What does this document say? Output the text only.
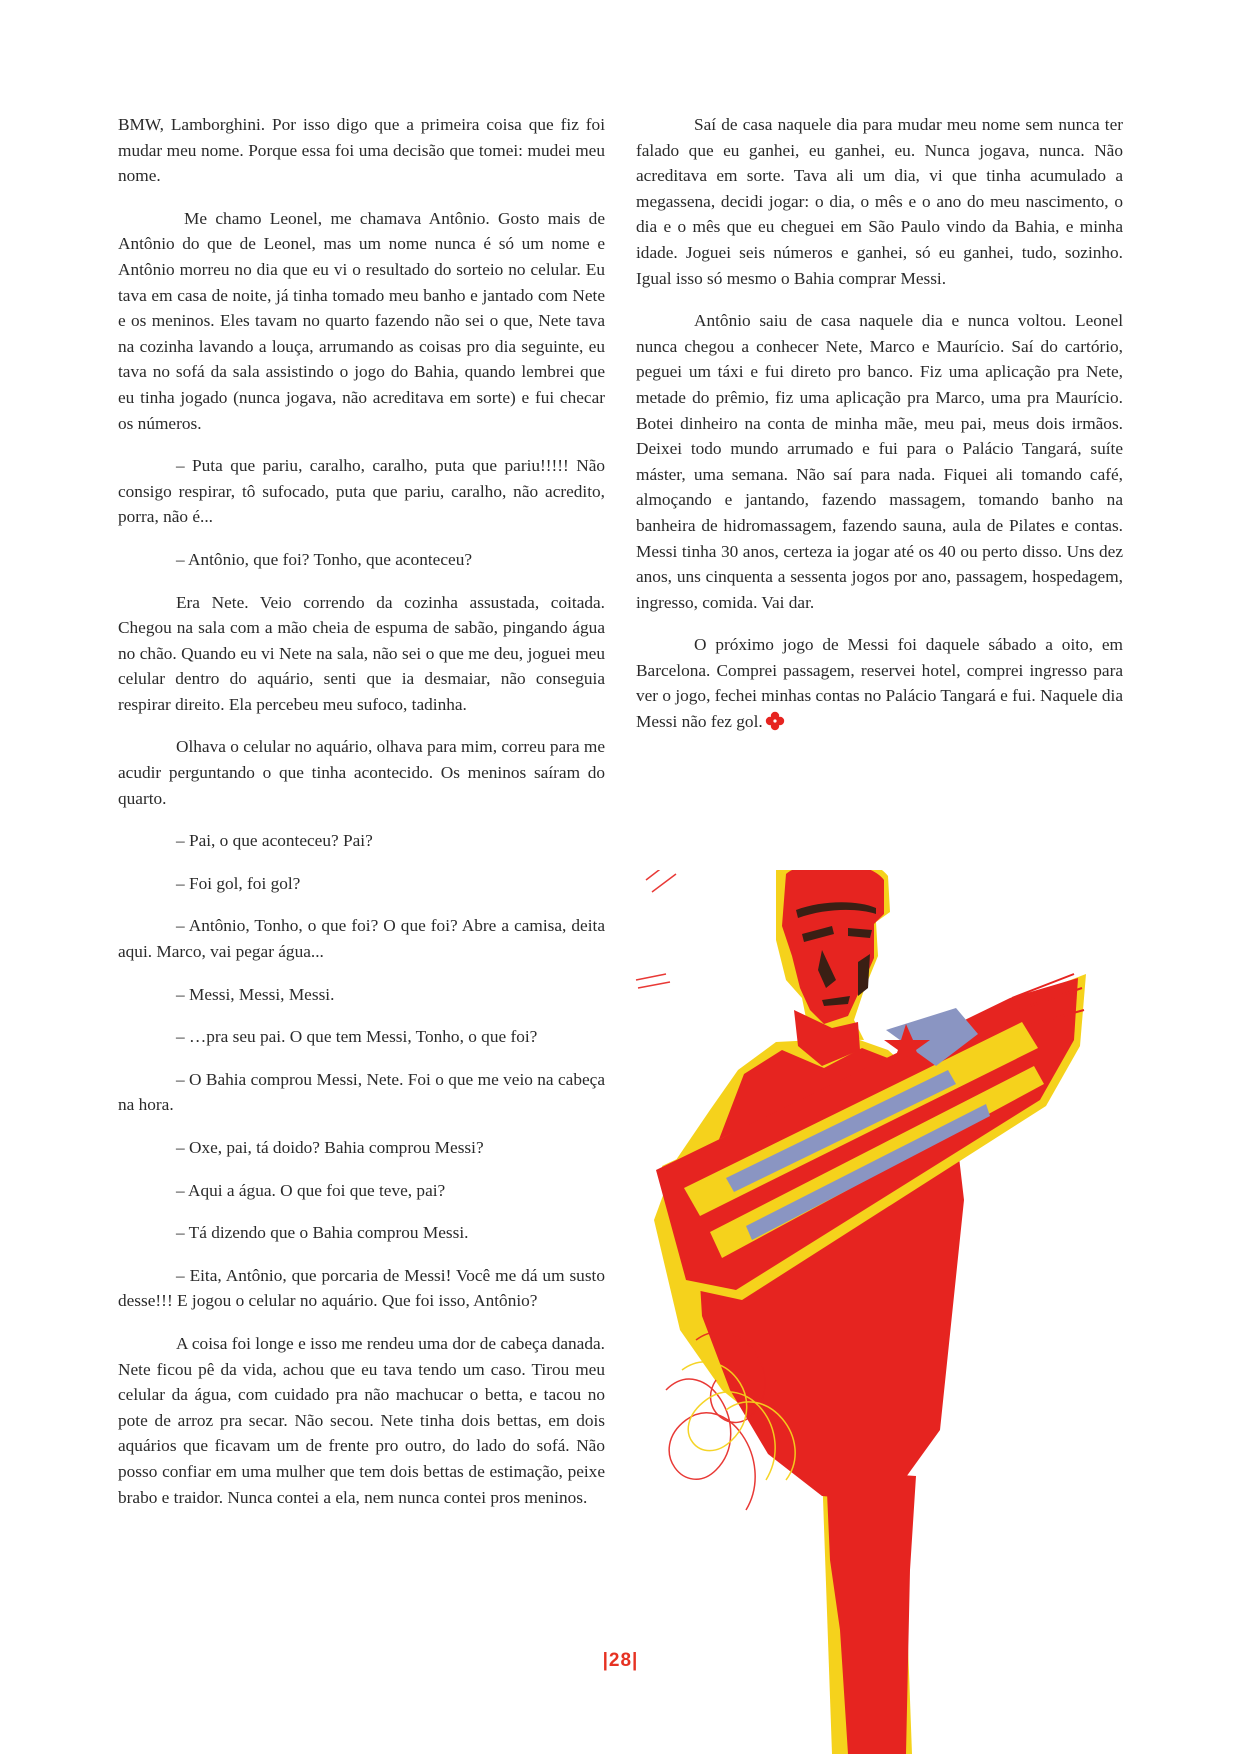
BMW, Lamborghini. Por isso digo que a primeira coisa que fiz foi mudar meu nome. Porque essa foi uma decisão que tomei: mudei meu nome.

Me chamo Leonel, me chamava Antônio. Gosto mais de Antônio do que de Leonel, mas um nome nunca é só um nome e Antônio morreu no dia que eu vi o resultado do sorteio no celular. Eu tava em casa de noite, já tinha tomado meu banho e jantado com Nete e os meninos. Eles tavam no quarto fazendo não sei o que, Nete tava na cozinha lavando a louça, arrumando as coisas pro dia seguinte, eu tava no sofá da sala assistindo o jogo do Bahia, quando lembrei que eu tinha jogado (nunca jogava, não acreditava em sorte) e fui checar os números.

– Puta que pariu, caralho, caralho, puta que pariu!!!!! Não consigo respirar, tô sufocado, puta que pariu, caralho, não acredito, porra, não é...

– Antônio, que foi? Tonho, que aconteceu?

Era Nete. Veio correndo da cozinha assustada, coitada. Chegou na sala com a mão cheia de espuma de sabão, pingando água no chão. Quando eu vi Nete na sala, não sei o que me deu, joguei meu celular dentro do aquário, senti que ia desmaiar, não conseguia respirar direito. Ela percebeu meu sufoco, tadinha.

Olhava o celular no aquário, olhava para mim, correu para me acudir perguntando o que tinha acontecido. Os meninos saíram do quarto.

– Pai, o que aconteceu? Pai?

– Foi gol, foi gol?

– Antônio, Tonho, o que foi? O que foi? Abre a camisa, deita aqui. Marco, vai pegar água...

– Messi, Messi, Messi.

– …pra seu pai. O que tem Messi, Tonho, o que foi?

– O Bahia comprou Messi, Nete. Foi o que me veio na cabeça na hora.

– Oxe, pai, tá doido? Bahia comprou Messi?

– Aqui a água. O que foi que teve, pai?

– Tá dizendo que o Bahia comprou Messi.

– Eita, Antônio, que porcaria de Messi! Você me dá um susto desse!!! E jogou o celular no aquário. Que foi isso, Antônio?

A coisa foi longe e isso me rendeu uma dor de cabeça danada. Nete ficou pê da vida, achou que eu tava tendo um caso. Tirou meu celular da água, com cuidado pra não machucar o betta, e tacou no pote de arroz pra secar. Não secou. Nete tinha dois bettas, em dois aquários que ficavam um de frente pro outro, do lado do sofá. Não posso confiar em uma mulher que tem dois bettas de estimação, peixe brabo e traidor. Nunca contei a ela, nem nunca contei pros meninos.

Saí de casa naquele dia para mudar meu nome sem nunca ter falado que eu ganhei, eu ganhei, eu. Nunca jogava, nunca. Não acreditava em sorte. Tava ali um dia, vi que tinha acumulado a megassena, decidi jogar: o dia, o mês e o ano do meu nascimento, o dia e o mês que eu cheguei em São Paulo vindo da Bahia, e minha idade. Joguei seis números e ganhei, só eu ganhei, tudo, sozinho. Igual isso só mesmo o Bahia comprar Messi.

Antônio saiu de casa naquele dia e nunca voltou. Leonel nunca chegou a conhecer Nete, Marco e Maurício. Saí do cartório, peguei um táxi e fui direto pro banco. Fiz uma aplicação pra Nete, metade do prêmio, fiz uma aplicação pra Marco, uma pra Maurício. Botei dinheiro na conta de minha mãe, meu pai, meus dois irmãos. Deixei todo mundo arrumado e fui para o Palácio Tangará, suíte máster, uma semana. Não saí para nada. Fiquei ali tomando café, almoçando e jantando, fazendo massagem, tomando banho na banheira de hidromassagem, fazendo sauna, aula de Pilates e contas. Messi tinha 30 anos, certeza ia jogar até os 40 ou perto disso. Uns dez anos, uns cinquenta a sessenta jogos por ano, passagem, hospedagem, ingresso, comida. Vai dar.

O próximo jogo de Messi foi daquele sábado a oito, em Barcelona. Comprei passagem, reservei hotel, comprei ingresso para ver o jogo, fechei minhas contas no Palácio Tangará e fui. Naquele dia Messi não fez gol.

|28|
